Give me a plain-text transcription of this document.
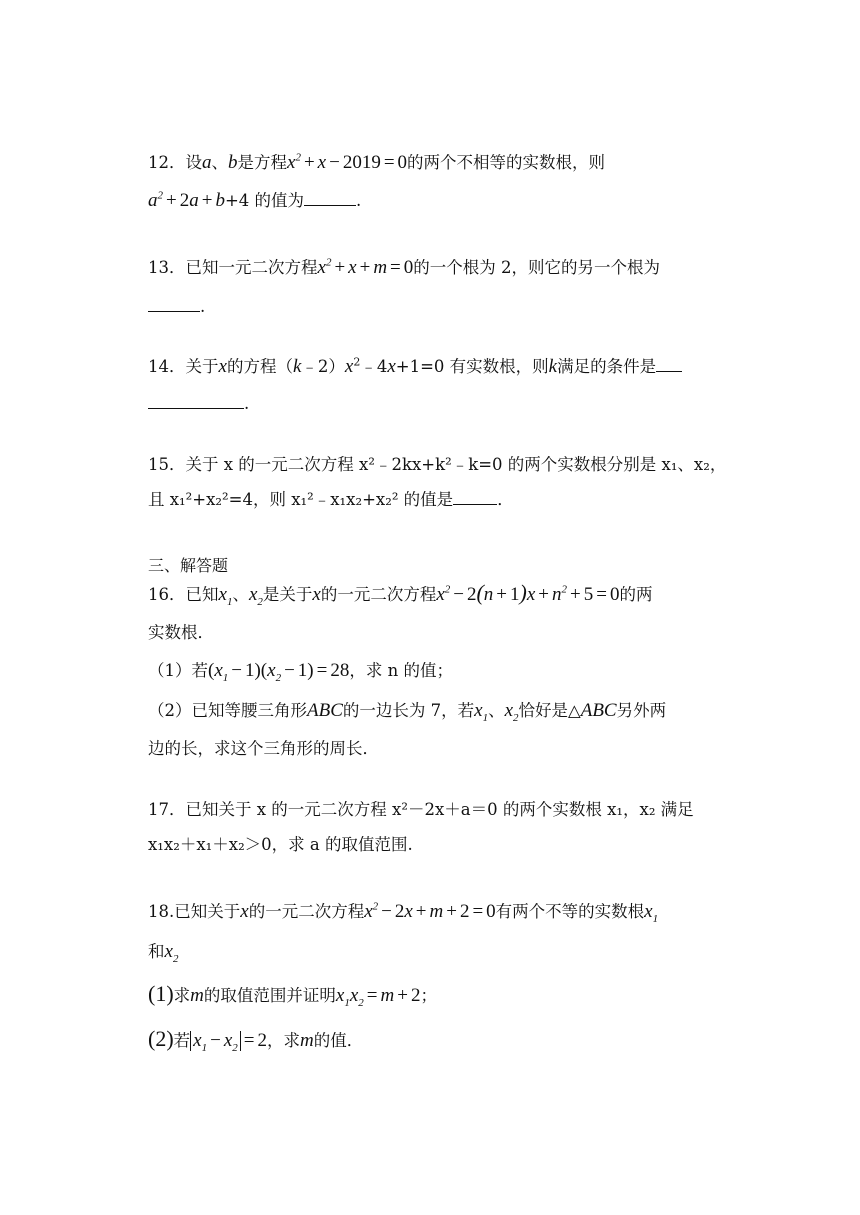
12．设a、b是方程$x^2 + x - 2019 = 0$的两个不相等的实数根，则
$a^2 + 2a + b+4$ 的值为	.
13．已知一元二次方程$x^2 + x + m = 0$的一个根为 2，则它的另一个根为
.
14．关于x的方程$(k﹣2)x^2﹣4x+1=0$ 有实数根，则k满足的条件是
.
15．关于 x 的一元二次方程 x²﹣2kx+k²﹣k=0 的两个实数根分别是 x₁、x₂，
且 x₁²+x₂²=4，则 x₁²﹣x₁x₂+x₂² 的值是	．
三、解答题
16．已知$x_1$、$x_2$是关于x的一元二次方程$x^2 - 2(n + 1)x + n^2 + 5 = 0$的两
实数根．
（1）若$(x_1 - 1)(x_2 - 1) = 28$，求 n 的值；
（2）已知等腰三角形ABC的一边长为 7，若$x_1$、$x_2$恰好是△ABC另外两
边的长，求这个三角形的周长．
17．已知关于 x 的一元二次方程 x²－2x＋a＝0 的两个实数根 x₁，x₂ 满足
x₁x₂＋x₁＋x₂＞0，求 a 的取值范围.
18.已知关于x的一元二次方程$x^2 - 2x + m + 2 = 0$有两个不等的实数根$x_1$
和$x_2$
(1)求m的取值范围并证明$x_1x_2 = m + 2$；
(2)若 $x_1 - x_2 = 2$，求m的值．
